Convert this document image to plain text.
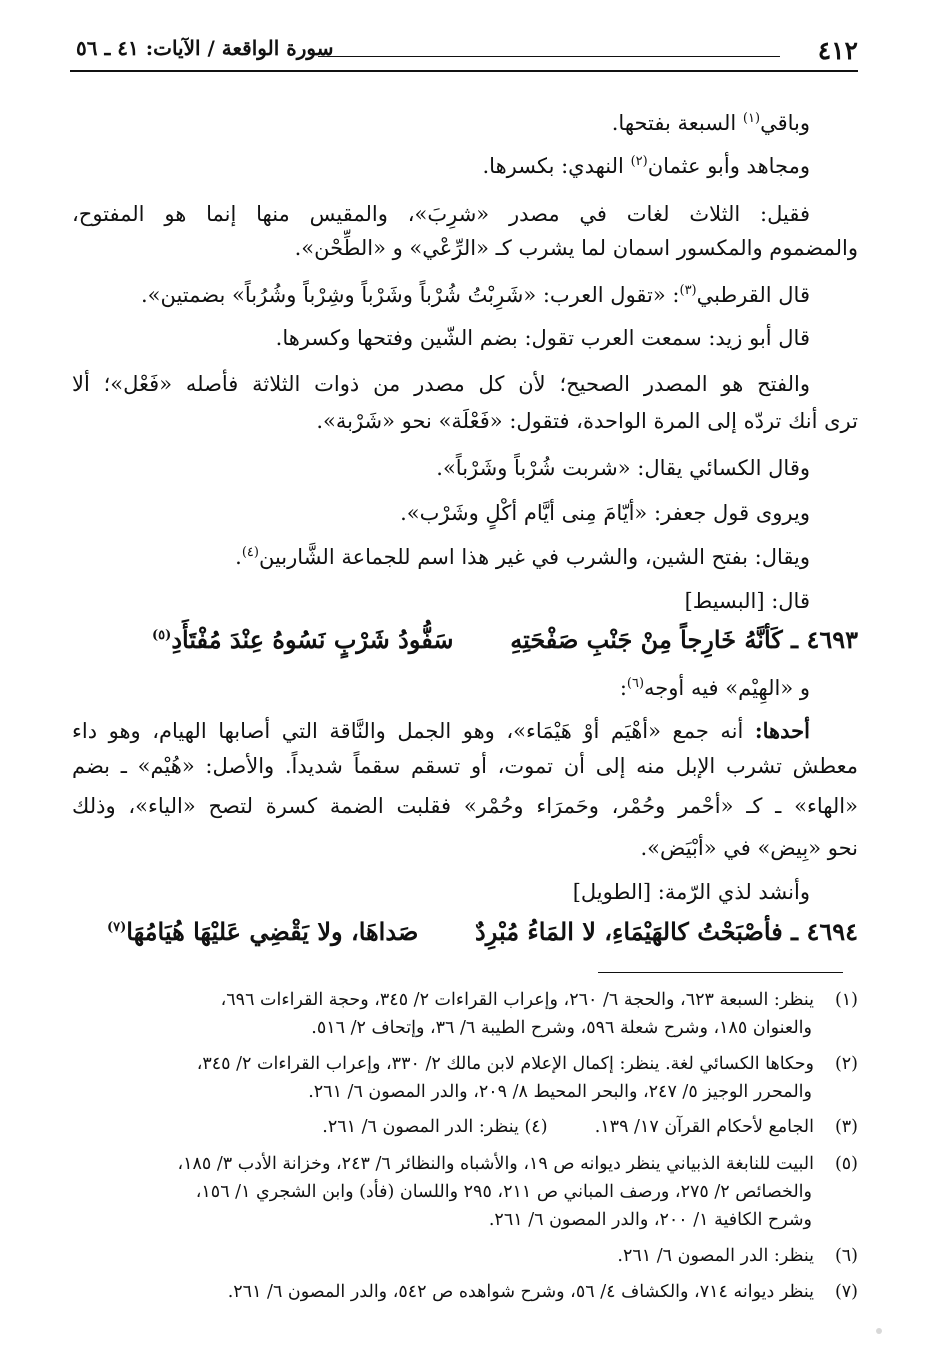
٤١٢
سورة الواقعة / الآيات: ٤١ ـ ٥٦
وباقي$^{(١)}$ السبعة بفتحها.
ومجاهد وأبو عثمان$^{(٢)}$ النهدي: بكسرها.
فقيل: الثلاث لغات في مصدر «شرِبَ»، والمقيس منها إنما هو المفتوح،
والمضموم والمكسور اسمان لما يشرب كـ «الرِّعْي» و «الطِّحْن».
قال القرطبي$^{(٣)}$: «تقول العرب: «شَرِبْتُ شُرْباً وشَرْباً وشِرْباً وشُرُباً» بضمتين».
قال أبو زيد: سمعت العرب تقول: بضم الشّين وفتحها وكسرها.
والفتح هو المصدر الصحيح؛ لأن كل مصدر من ذوات الثلاثة فأصله «فَعْل»؛ ألا
ترى أنك تردّه إلى المرة الواحدة، فتقول: «فَعْلَة» نحو «شَرْبة».
وقال الكسائي يقال: «شربت شُرْباً وشَرْباً».
ويروى قول جعفر: «أيّامَ مِنى أيَّام أكْلٍ وشَرْب».
ويقال: بفتح الشين، والشرب في غير هذا اسم للجماعة الشَّاربين$^{(٤)}$.
قال: [البسيط]
٤٦٩٣ ـ كَأنَّهُ خَارِجاً مِنْ جَنْبِ صَفْحَتِهِ  سَفُّودُ شَرْبٍ نَسُوهُ عِنْدَ مُفْتَأَدِ$^{(٥)}$
و «الهِيْم» فيه أوجه$^{(٦)}$:
أحدها: أنه جمع «أهْيَم أوْ هَيْمَاء»، وهو الجمل والنَّاقة التي أصابها الهيام، وهو داء
معطش تشرب الإبل منه إلى أن تموت، أو تسقم سقماً شديداً. والأصل: «هُيْم» ـ بضم
«الهاء» ـ كـ «أحْمر وحُمْر، وحَمرَاء وحُمْر» فقلبت الضمة كسرة لتصح «الياء»، وذلك
نحو «بِيض» في «أبْيَض».
وأنشد لذي الرّمة: [الطويل]
٤٦٩٤ ـ فأصْبَحْتُ كالهَيْمَاءِ، لا المَاءُ مُبْرِدٌ  صَداهَا، ولا يَقْضِي عَليْهَا هُيَامُهَا$^{(٧)}$
(١)ينظر: السبعة ٦٢٣، والحجة ٦/ ٢٦٠، وإعراب القراءات ٢/ ٣٤٥، وحجة القراءات ٦٩٦،
والعنوان ١٨٥، وشرح شعلة ٥٩٦، وشرح الطيبة ٦/ ٣٦، وإتحاف ٢/ ٥١٦.
(٢)وحكاها الكسائي لغة. ينظر: إكمال الإعلام لابن مالك ٢/ ٣٣٠، وإعراب القراءات ٢/ ٣٤٥،
والمحرر الوجيز ٥/ ٢٤٧، والبحر المحيط ٨/ ٢٠٩، والدر المصون ٦/ ٢٦١.
(٣)الجامع لأحكام القرآن ١٧/ ١٣٩.  (٤) ينظر: الدر المصون ٦/ ٢٦١.
(٥)البيت للنابغة الذبياني ينظر ديوانه ص ١٩، والأشباه والنظائر ٦/ ٢٤٣، وخزانة الأدب ٣/ ١٨٥،
والخصائص ٢/ ٢٧٥، ورصف المباني ص ٢١١، ٢٩٥ واللسان (فأد) وابن الشجري ١/ ١٥٦،
وشرح الكافية ١/ ٢٠٠، والدر المصون ٦/ ٢٦١.
(٦)ينظر: الدر المصون ٦/ ٢٦١.
(٧)ينظر ديوانه ٧١٤، والكشاف ٤/ ٥٦، وشرح شواهده ص ٥٤٢، والدر المصون ٦/ ٢٦١.
